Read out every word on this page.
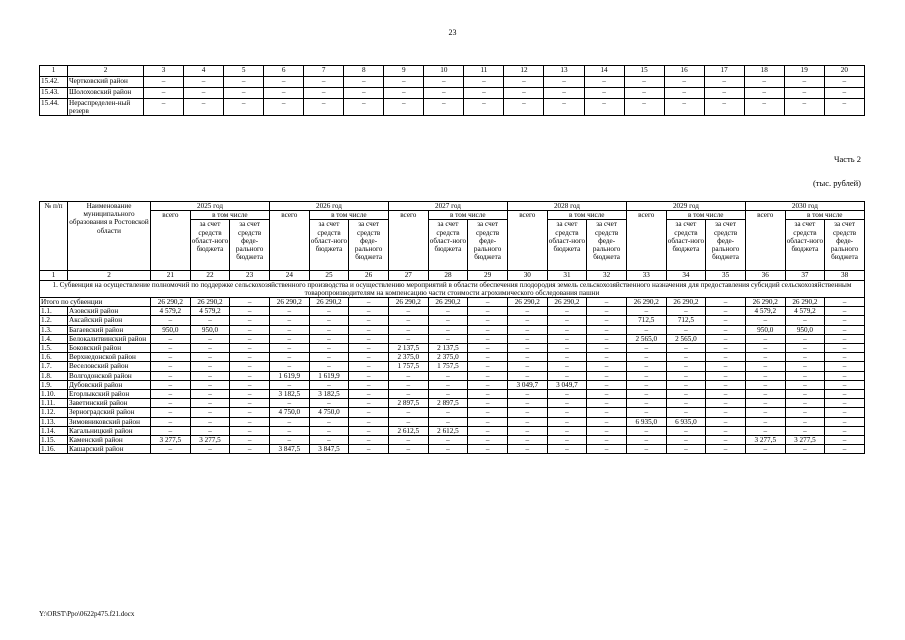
23
1	2	3	4	5	6	7	8	9	10	11	12	13	14	15	16	17	18	19	20
15.42.	Чертковский район	–	–	–	–	–	–	–	–	–	–	–	–	–	–	–	–	–	–
15.43.	Шолоховский район	–	–	–	–	–	–	–	–	–	–	–	–	–	–	–	–	–	–
15.44.	Нераспределен-ный резерв	–	–	–	–	–	–	–	–	–	–	–	–	–	–	–	–	–	–
Часть 2
(тыс. рублей)
№ п/п	Наименование муниципального образования в Ростовской области	2025 год			2026 год			2027 год			2028 год			2029 год			2030 год		
		всего	в том числе		всего	в том числе		всего	в том числе		всего	в том числе		всего	в том числе		всего	в том числе	
			за счет средств област-ного бюджета	за счет средств феде-рального бюджета		за счет средств област-ного бюджета	за счет средств феде-рального бюджета		за счет средств област-ного бюджета	за счет средств феде-рального бюджета		за счет средств област-ного бюджета	за счет средств феде-рального бюджета		за счет средств област-ного бюджета	за счет средств феде-рального бюджета		за счет средств област-ного бюджета	за счет средств феде-рального бюджета
1	2	21	22	23	24	25	26	27	28	29	30	31	32	33	34	35	36	37	38
1. Субвенция на осуществление полномочий по поддержке сельскохозяйственного производства и осуществлению мероприятий в области обеспечения плодородия земель сельскохозяйственного назначения для предоставления субсидий сельскохозяйственным товаропроизводителям на компенсацию части стоимости агрохимического обследования пашни																			
Итого по субвенции		26 290,2	26 290,2	–	26 290,2	26 290,2	–	26 290,2	26 290,2	–	26 290,2	26 290,2	–	26 290,2	26 290,2	–	26 290,2	26 290,2	–
1.1.	Азовский район	4 579,2	4 579,2	–	–	–	–	–	–	–	–	–	–	–	–	–	4 579,2	4 579,2	–
1.2.	Аксайский район	–	–	–	–	–	–	–	–	–	–	–	–	712,5	712,5	–	–	–	–
1.3.	Багаевский район	950,0	950,0	–	–	–	–	–	–	–	–	–	–	–	–	–	950,0	950,0	–
1.4.	Белокалитвинский район	–	–	–	–	–	–	–	–	–	–	–	–	2 565,0	2 565,0	–	–	–	–
1.5.	Боковский район	–	–	–	–	–	–	2 137,5	2 137,5	–	–	–	–	–	–	–	–	–	–
1.6.	Верхнедонской район	–	–	–	–	–	–	2 375,0	2 375,0	–	–	–	–	–	–	–	–	–	–
1.7.	Веселовский район	–	–	–	–	–	–	1 757,5	1 757,5	–	–	–	–	–	–	–	–	–	–
1.8.	Волгодонской район	–	–	–	1 619,9	1 619,9	–	–	–	–	–	–	–	–	–	–	–	–	–
1.9.	Дубовский район	–	–	–	–	–	–	–	–	–	3 049,7	3 049,7	–	–	–	–	–	–	–
1.10.	Егорлыкский район	–	–	–	3 182,5	3 182,5	–	–	–	–	–	–	–	–	–	–	–	–	–
1.11.	Заветинский район	–	–	–	–	–	–	2 897,5	2 897,5	–	–	–	–	–	–	–	–	–	–
1.12.	Зерноградский район	–	–	–	4 750,0	4 750,0	–	–	–	–	–	–	–	–	–	–	–	–	–
1.13.	Зимовниковский район	–	–	–	–	–	–	–	–	–	–	–	–	6 935,0	6 935,0	–	–	–	–
1.14.	Кагальницкий район	–	–	–	–	–	–	2 612,5	2 612,5	–	–	–	–	–	–	–	–	–	–
1.15.	Каменский район	3 277,5	3 277,5	–	–	–	–	–	–	–	–	–	–	–	–	–	3 277,5	3 277,5	–
1.16.	Кашарский район	–	–	–	3 847,5	3 847,5	–	–	–	–	–	–	–	–	–	–	–	–	–
Y:\ORST\Ppo\0622p475.f21.docx
